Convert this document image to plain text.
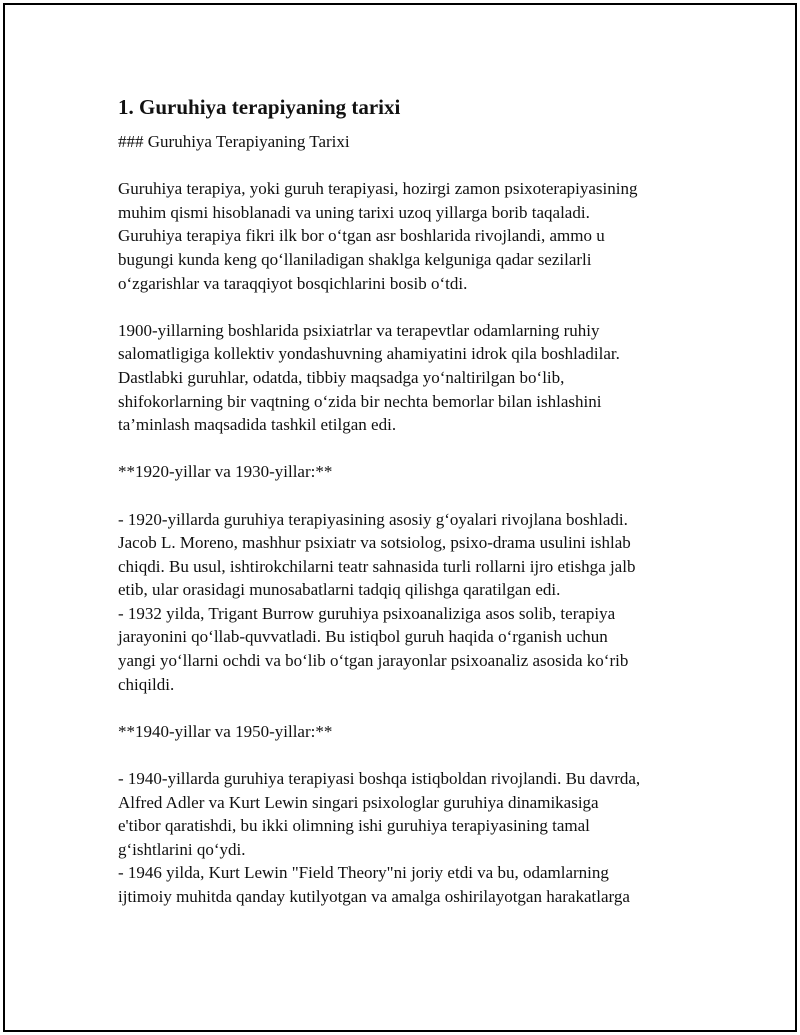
1. Guruhiya terapiyaning tarixi
### Guruhiya Terapiyaning Tarixi
Guruhiya terapiya, yoki guruh terapiyasi, hozirgi zamon psixoterapiyasining
muhim qismi hisoblanadi va uning tarixi uzoq yillarga borib taqaladi.
Guruhiya terapiya fikri ilk bor oʻtgan asr boshlarida rivojlandi, ammo u
bugungi kunda keng qoʻllaniladigan shaklga kelguniga qadar sezilarli
oʻzgarishlar va taraqqiyot bosqichlarini bosib oʻtdi.
1900-yillarning boshlarida psixiatrlar va terapevtlar odamlarning ruhiy
salomatligiga kollektiv yondashuvning ahamiyatini idrok qila boshladilar.
Dastlabki guruhlar, odatda, tibbiy maqsadga yoʻnaltirilgan boʻlib,
shifokorlarning bir vaqtning oʻzida bir nechta bemorlar bilan ishlashini
ta’minlash maqsadida tashkil etilgan edi.
**1920-yillar va 1930-yillar:**
- 1920-yillarda guruhiya terapiyasining asosiy gʻoyalari rivojlana boshladi.
Jacob L. Moreno, mashhur psixiatr va sotsiolog, psixo-drama usulini ishlab
chiqdi. Bu usul, ishtirokchilarni teatr sahnasida turli rollarni ijro etishga jalb
etib, ular orasidagi munosabatlarni tadqiq qilishga qaratilgan edi.
- 1932 yilda, Trigant Burrow guruhiya psixoanaliziga asos solib, terapiya
jarayonini qoʻllab-quvvatladi. Bu istiqbol guruh haqida oʻrganish uchun
yangi yoʻllarni ochdi va boʻlib oʻtgan jarayonlar psixoanaliz asosida koʻrib
chiqildi.
**1940-yillar va 1950-yillar:**
- 1940-yillarda guruhiya terapiyasi boshqa istiqboldan rivojlandi. Bu davrda,
Alfred Adler va Kurt Lewin singari psixologlar guruhiya dinamikasiga
e'tibor qaratishdi, bu ikki olimning ishi guruhiya terapiyasining tamal
gʻishtlarini qoʻydi.
- 1946 yilda, Kurt Lewin "Field Theory"ni joriy etdi va bu, odamlarning
ijtimoiy muhitda qanday kutilyotgan va amalga oshirilayotgan harakatlarga
